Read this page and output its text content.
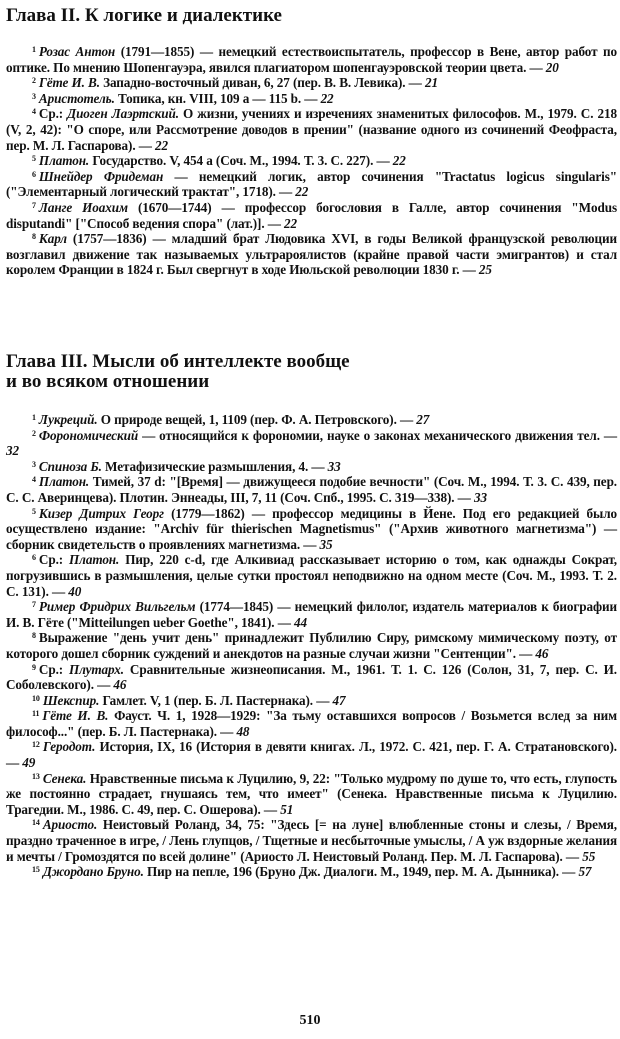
Глава II. К логике и диалектике

$^1$ Розас Антон (1791—1855) — немецкий естествоиспытатель, профессор в Вене, автор работ по оптике. По мнению Шопенгауэра, явился плагиатором шопенгауэровской теории цвета. — 20

$^2$ Гёте И. В. Западно-восточный диван, 6, 27 (пер. В. В. Левика). — 21

$^3$ Аристотель. Топика, кн. VIII, 109 a — 115 b. — 22

$^4$ Ср.: Диоген Лаэртский. О жизни, учениях и изречениях знаменитых философов. М., 1979. С. 218 (V, 2, 42): "О споре, или Рассмотрение доводов в прении" (название одного из сочинений Феофраста, пер. М. Л. Гаспарова). — 22

$^5$ Платон. Государство. V, 454 a (Соч. М., 1994. Т. 3. С. 227). — 22

$^6$ Шнейдер Фридеман — немецкий логик, автор сочинения "Tractatus logicus singularis" ("Элементарный логический трактат", 1718). — 22

$^7$ Ланге Иоахим (1670—1744) — профессор богословия в Галле, автор сочинения "Modus disputandi" ["Способ ведения спора" (лат.)]. — 22

$^8$ Карл (1757—1836) — младший брат Людовика XVI, в годы Великой французской революции возглавил движение так называемых ультрароялистов (крайне правой части эмигрантов) и стал королем Франции в 1824 г. Был свергнут в ходе Июльской революции 1830 г. — 25

Глава III. Мысли об интеллекте вообще
и во всяком отношении

$^1$ Лукреций. О природе вещей, 1, 1109 (пер. Ф. А. Петровского). — 27

$^2$ Форономический — относящийся к форономии, науке о законах механического движения тел. — 32

$^3$ Спиноза Б. Метафизические размышления, 4. — 33

$^4$ Платон. Тимей, 37 d: "[Время] — движущееся подобие вечности" (Соч. М., 1994. Т. 3. С. 439, пер. С. С. Аверинцева). Плотин. Эннеады, III, 7, 11 (Соч. Спб., 1995. С. 319—338). — 33

$^5$ Кизер Дитрих Георг (1779—1862) — профессор медицины в Йене. Под его редакцией было осуществлено издание: "Archiv für thierischen Magnetismus" ("Архив животного магнетизма") — сборник свидетельств о проявлениях магнетизма. — 35

$^6$ Ср.: Платон. Пир, 220 c-d, где Алкивиад рассказывает историю о том, как однажды Сократ, погрузившись в размышления, целые сутки простоял неподвижно на одном месте (Соч. М., 1993. Т. 2. С. 131). — 40

$^7$ Ример Фридрих Вильгельм (1774—1845) — немецкий филолог, издатель материалов к биографии И. В. Гёте ("Mitteilungen ueber Goethe", 1841). — 44

$^8$ Выражение "день учит день" принадлежит Публилию Сиру, римскому мимическому поэту, от которого дошел сборник суждений и анекдотов на разные случаи жизни "Сентенции". — 46

$^9$ Ср.: Плутарх. Сравнительные жизнеописания. М., 1961. Т. 1. С. 126 (Солон, 31, 7, пер. С. И. Соболевского). — 46

$^{10}$ Шекспир. Гамлет. V, 1 (пер. Б. Л. Пастернака). — 47

$^{11}$ Гёте И. В. Фауст. Ч. 1, 1928—1929: "За тьму оставшихся вопросов / Возьмется вслед за ним философ..." (пер. Б. Л. Пастернака). — 48

$^{12}$ Геродот. История, IX, 16 (История в девяти книгах. Л., 1972. С. 421, пер. Г. А. Стратановского). — 49

$^{13}$ Сенека. Нравственные письма к Луцилию, 9, 22: "Только мудрому по душе то, что есть, глупость же постоянно страдает, гнушаясь тем, что имеет" (Сенека. Нравственные письма к Луцилию. Трагедии. М., 1986. С. 49, пер. С. Ошерова). — 51

$^{14}$ Ариосто. Неистовый Роланд, 34, 75: "Здесь [= на луне] влюбленные стоны и слезы, / Время, праздно траченное в игре, / Лень глупцов, / Тщетные и несбыточные умыслы, / А уж вздорные желания и мечты / Громоздятся по всей долине" (Ариосто Л. Неистовый Роланд. Пер. М. Л. Гаспарова). — 55

$^{15}$ Джордано Бруно. Пир на пепле, 196 (Бруно Дж. Диалоги. М., 1949, пер. М. А. Дынника). — 57

510
